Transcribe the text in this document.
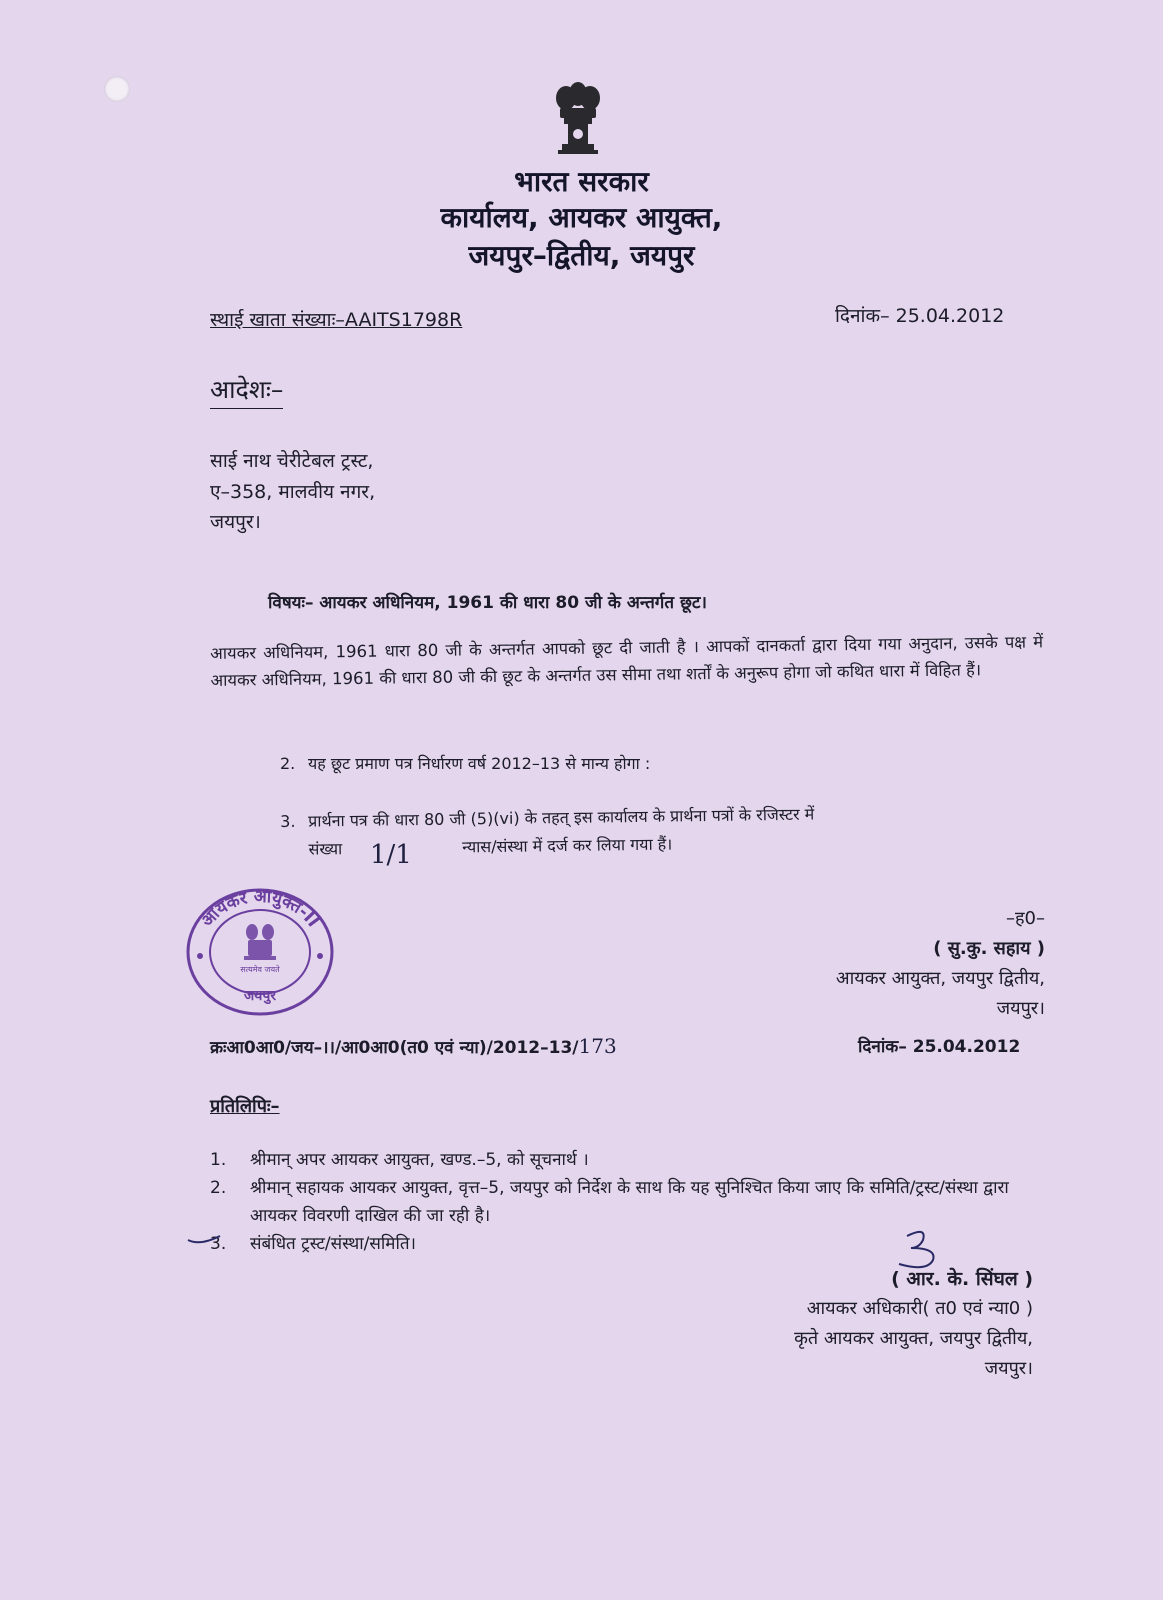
भारत सरकार
कार्यालय, आयकर आयुक्त,
जयपुर–द्वितीय, जयपुर
स्थाई खाता संख्याः–AAITS1798R	दिनांक– 25.04.2012
आदेशः–
साई नाथ चेरीटेबल ट्रस्ट,
ए–358, मालवीय नगर,
जयपुर।
विषयः– आयकर अधिनियम, 1961 की धारा 80 जी के अन्तर्गत छूट।
आयकर अधिनियम, 1961 धारा 80 जी के अन्तर्गत आपको छूट दी जाती है । आपकों दानकर्ता द्वारा दिया गया अनुदान, उसके पक्ष में आयकर अधिनियम, 1961 की धारा 80 जी की छूट के अन्तर्गत उस सीमा तथा शर्तों के अनुरूप होगा जो कथित धारा में विहित हैं।
2. यह छूट प्रमाण पत्र निर्धारण वर्ष 2012–13 से मान्य होगा :
3. प्रार्थना पत्र की धारा 80 जी (5)(vi) के तहत् इस कार्यालय के प्रार्थना पत्रों के रजिस्टर में
संख्या	न्यास/संस्था में दर्ज कर लिया गया हैं।
1/1
आयकर आयुक्त-II
सत्यमेव जयते
जयपुर
–ह0–
( सु.कु. सहाय )
आयकर आयुक्त, जयपुर द्वितीय,
जयपुर।
क्रःआ0आ0/जय–।।/आ0आ0(त0 एवं न्या)/2012–13/173	दिनांक– 25.04.2012
प्रतिलिपिः–
1.	श्रीमान् अपर आयकर आयुक्त, खण्ड.–5, को सूचनार्थ ।
2.	श्रीमान् सहायक आयकर आयुक्त, वृत्त–5, जयपुर को निर्देश के साथ कि यह सुनिश्चित किया जाए कि समिति/ट्रस्ट/संस्था द्वारा आयकर विवरणी दाखिल की जा रही है।
3.	संबंधित ट्रस्ट/संस्था/समिति।
( आर. के. सिंघल )
आयकर अधिकारी( त0 एवं न्या0 )
कृते आयकर आयुक्त, जयपुर द्वितीय,
जयपुर।
